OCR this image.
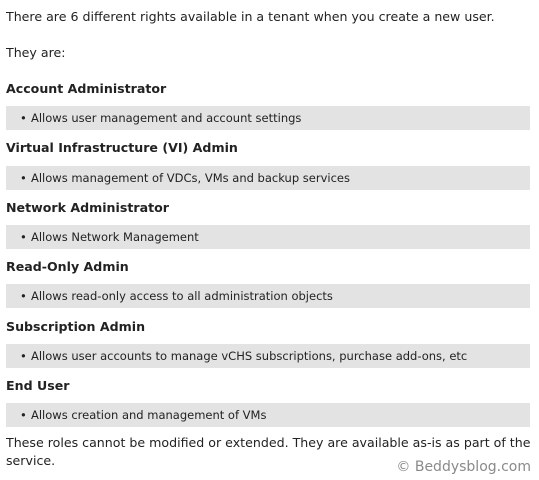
There are 6 different rights available in a tenant when you create a new user.
They are:
Account Administrator
• Allows user management and account settings
Virtual Infrastructure (VI) Admin
• Allows management of VDCs, VMs and backup services
Network Administrator
• Allows Network Management
Read-Only Admin
• Allows read-only access to all administration objects
Subscription Admin
• Allows user accounts to manage vCHS subscriptions, purchase add-ons, etc
End User
• Allows creation and management of VMs
These roles cannot be modified or extended. They are available as-is as part of the service.	© Beddysblog.com
